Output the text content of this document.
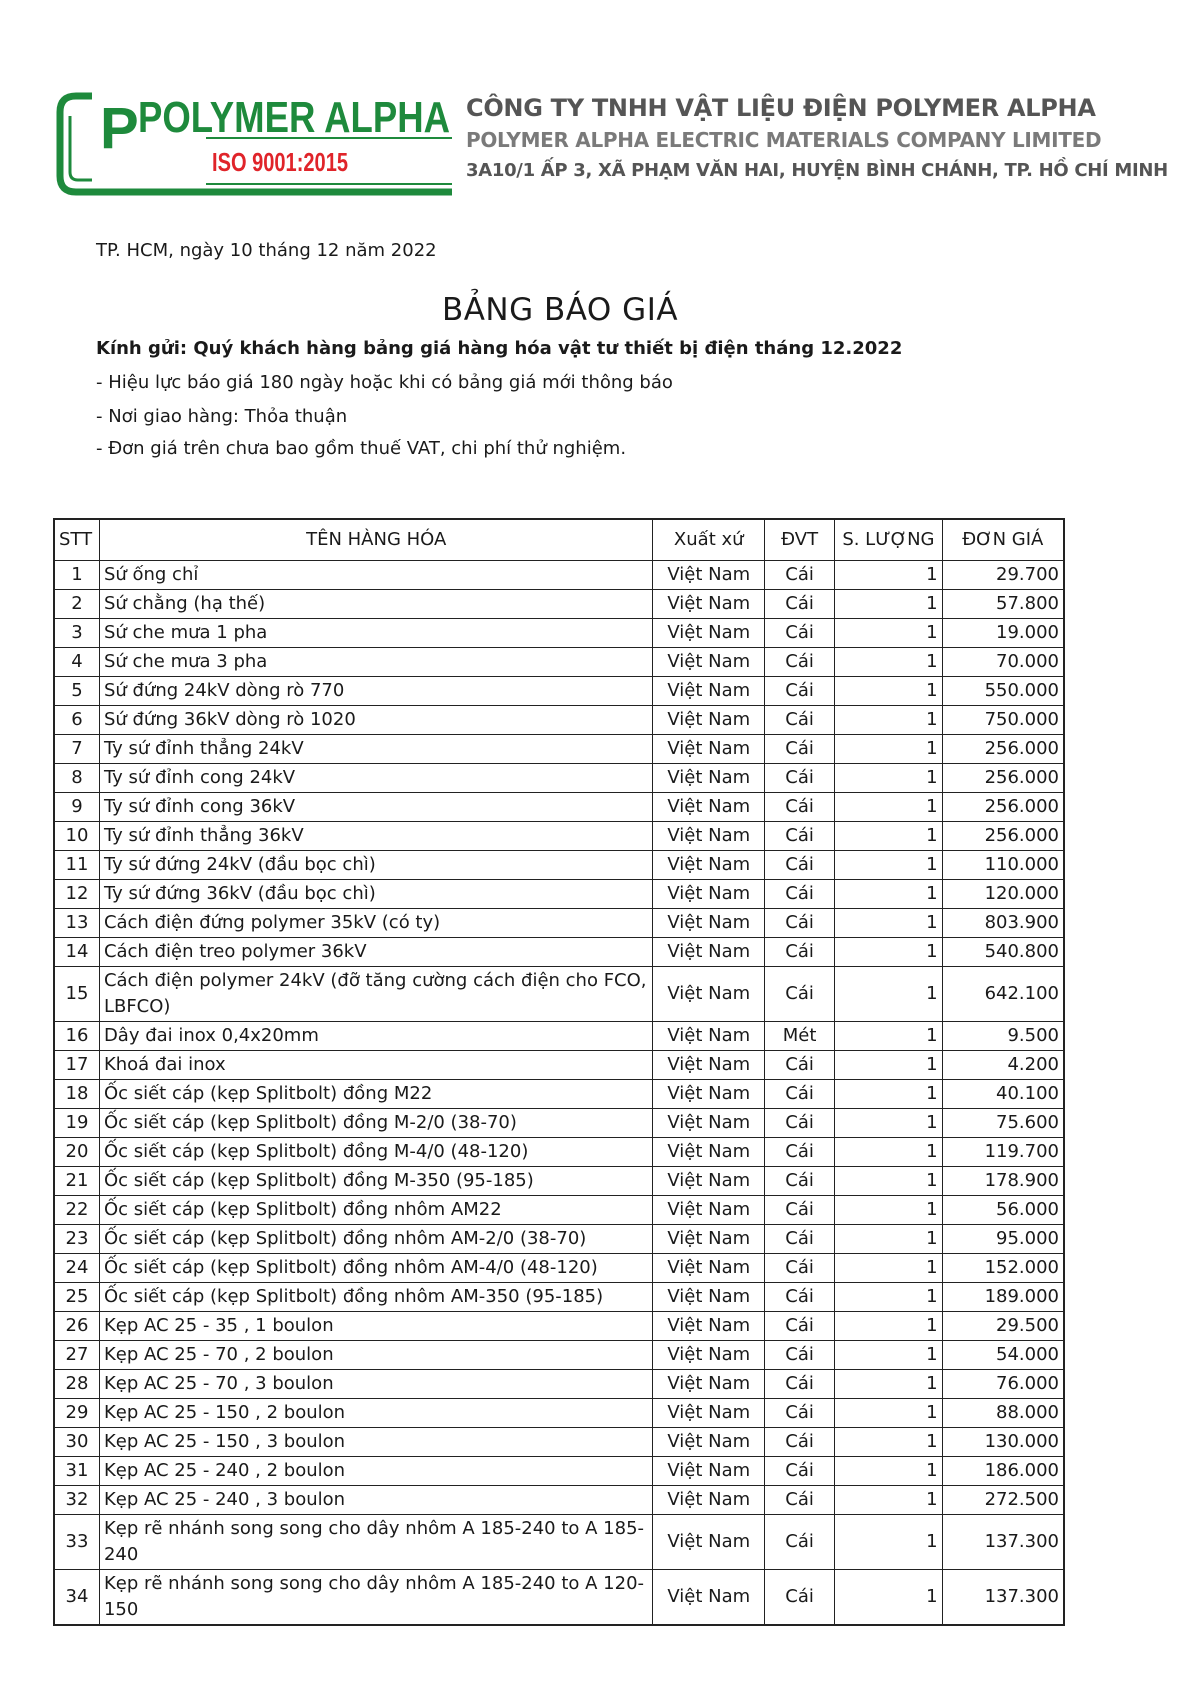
P POLYMER ALPHA
ISO 9001:2015
CÔNG TY TNHH VẬT LIỆU ĐIỆN POLYMER ALPHA
POLYMER ALPHA ELECTRIC MATERIALS COMPANY LIMITED
3A10/1 ẤP 3, XÃ PHẠM VĂN HAI, HUYỆN BÌNH CHÁNH, TP. HỒ CHÍ MINH
TP. HCM, ngày 10 tháng 12 năm 2022
BẢNG BÁO GIÁ
Kính gửi: Quý khách hàng bảng giá hàng hóa vật tư thiết bị điện tháng 12.2022
- Hiệu lực báo giá 180 ngày hoặc khi có bảng giá mới thông báo
- Nơi giao hàng: Thỏa thuận
- Đơn giá trên chưa bao gồm thuế VAT, chi phí thử nghiệm.
STT	TÊN HÀNG HÓA	Xuất xứ	ĐVT	S. LƯỢNG	ĐƠN GIÁ
1	Sứ ống chỉ	Việt Nam	Cái	1	29.700
2	Sứ chằng (hạ thế)	Việt Nam	Cái	1	57.800
3	Sứ che mưa 1 pha	Việt Nam	Cái	1	19.000
4	Sứ che mưa 3 pha	Việt Nam	Cái	1	70.000
5	Sứ đứng 24kV dòng rò 770	Việt Nam	Cái	1	550.000
6	Sứ đứng 36kV dòng rò 1020	Việt Nam	Cái	1	750.000
7	Ty sứ đỉnh thẳng 24kV	Việt Nam	Cái	1	256.000
8	Ty sứ đỉnh cong 24kV	Việt Nam	Cái	1	256.000
9	Ty sứ đỉnh cong 36kV	Việt Nam	Cái	1	256.000
10	Ty sứ đỉnh thẳng 36kV	Việt Nam	Cái	1	256.000
11	Ty sứ đứng 24kV (đầu bọc chì)	Việt Nam	Cái	1	110.000
12	Ty sứ đứng 36kV (đầu bọc chì)	Việt Nam	Cái	1	120.000
13	Cách điện đứng polymer 35kV (có ty)	Việt Nam	Cái	1	803.900
14	Cách điện treo polymer 36kV	Việt Nam	Cái	1	540.800
15	Cách điện polymer 24kV (đỡ tăng cường cách điện cho FCO, LBFCO)	Việt Nam	Cái	1	642.100
16	Dây đai inox 0,4x20mm	Việt Nam	Mét	1	9.500
17	Khoá đai inox	Việt Nam	Cái	1	4.200
18	Ốc siết cáp (kẹp Splitbolt) đồng M22	Việt Nam	Cái	1	40.100
19	Ốc siết cáp (kẹp Splitbolt) đồng M-2/0 (38-70)	Việt Nam	Cái	1	75.600
20	Ốc siết cáp (kẹp Splitbolt) đồng M-4/0 (48-120)	Việt Nam	Cái	1	119.700
21	Ốc siết cáp (kẹp Splitbolt) đồng M-350 (95-185)	Việt Nam	Cái	1	178.900
22	Ốc siết cáp (kẹp Splitbolt) đồng nhôm AM22	Việt Nam	Cái	1	56.000
23	Ốc siết cáp (kẹp Splitbolt) đồng nhôm AM-2/0 (38-70)	Việt Nam	Cái	1	95.000
24	Ốc siết cáp (kẹp Splitbolt) đồng nhôm AM-4/0 (48-120)	Việt Nam	Cái	1	152.000
25	Ốc siết cáp (kẹp Splitbolt) đồng nhôm AM-350 (95-185)	Việt Nam	Cái	1	189.000
26	Kẹp AC 25 - 35 , 1 boulon	Việt Nam	Cái	1	29.500
27	Kẹp AC 25 - 70 , 2 boulon	Việt Nam	Cái	1	54.000
28	Kẹp AC 25 - 70 , 3 boulon	Việt Nam	Cái	1	76.000
29	Kẹp AC 25 - 150 , 2 boulon	Việt Nam	Cái	1	88.000
30	Kẹp AC 25 - 150 , 3 boulon	Việt Nam	Cái	1	130.000
31	Kẹp AC 25 - 240 , 2 boulon	Việt Nam	Cái	1	186.000
32	Kẹp AC 25 - 240 , 3 boulon	Việt Nam	Cái	1	272.500
33	Kẹp rẽ nhánh song song cho dây nhôm A 185-240 to A 185-240	Việt Nam	Cái	1	137.300
34	Kẹp rẽ nhánh song song cho dây nhôm A 185-240 to A 120-150	Việt Nam	Cái	1	137.300
